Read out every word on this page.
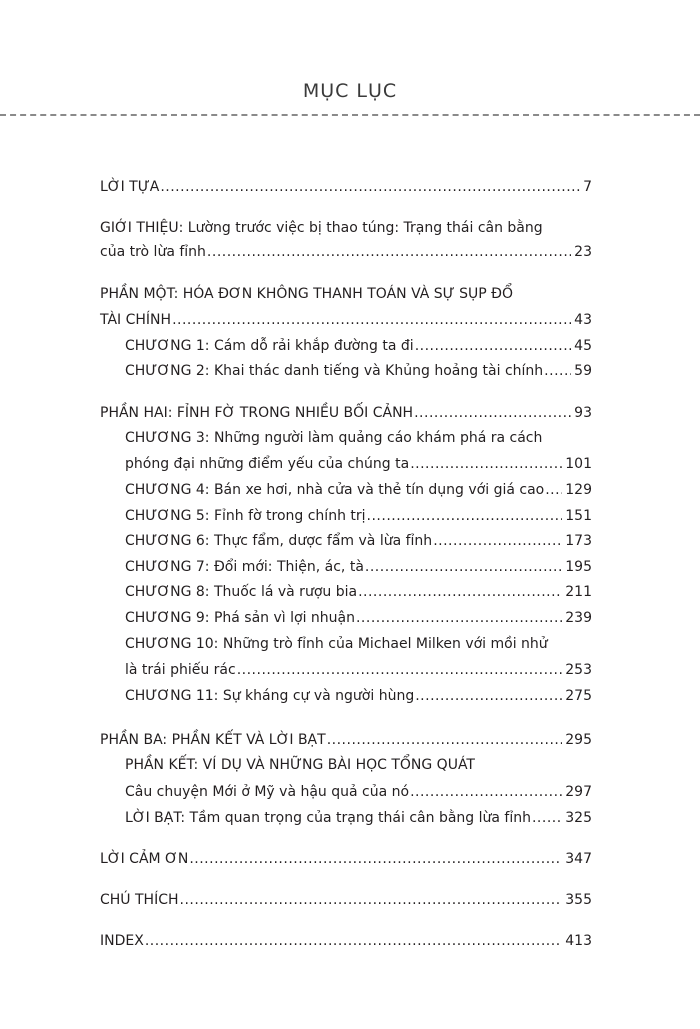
MỤC LỤC
LỜI TỰA .....	7
GIỚI THIỆU: Lường trước việc bị thao túng: Trạng thái cân bằng
của trò lừa fỉnh .....	23
PHẦN MỘT: HÓA ĐƠN KHÔNG THANH TOÁN VÀ SỰ SỤP ĐỔ
TÀI CHÍNH .....	43
CHƯƠNG 1: Cám dỗ rải khắp đường ta đi .....	45
CHƯƠNG 2: Khai thác danh tiếng và Khủng hoảng tài chính ..... 59
PHẦN HAI: FỈNH FỜ TRONG NHIỀU BỐI CẢNH .....	93
CHƯƠNG 3: Những người làm quảng cáo khám phá ra cách
phóng đại những điểm yếu của chúng ta .....	101
CHƯƠNG 4: Bán xe hơi, nhà cửa và thẻ tín dụng với giá cao ..... 129
CHƯƠNG 5: Fỉnh fờ trong chính trị .....	151
CHƯƠNG 6: Thực fẩm, dược fẩm và lừa fỉnh .....	173
CHƯƠNG 7: Đổi mới: Thiện, ác, tà .....	195
CHƯƠNG 8: Thuốc lá và rượu bia .....	211
CHƯƠNG 9: Phá sản vì lợi nhuận .....	239
CHƯƠNG 10: Những trò fỉnh của Michael Milken với mồi nhử
là trái phiếu rác .....	253
CHƯƠNG 11: Sự kháng cự và người hùng .....	275
PHẦN BA: PHẦN KẾT VÀ LỜI BẠT .....	295
PHẦN KẾT: VÍ DỤ VÀ NHỮNG BÀI HỌC TỔNG QUÁT
Câu chuyện Mới ở Mỹ và hậu quả của nó .....	297
LỜI BẠT: Tầm quan trọng của trạng thái cân bằng lừa fỉnh ..... 325
LỜI CẢM ƠN .....	347
CHÚ THÍCH .....	355
INDEX .....	413
